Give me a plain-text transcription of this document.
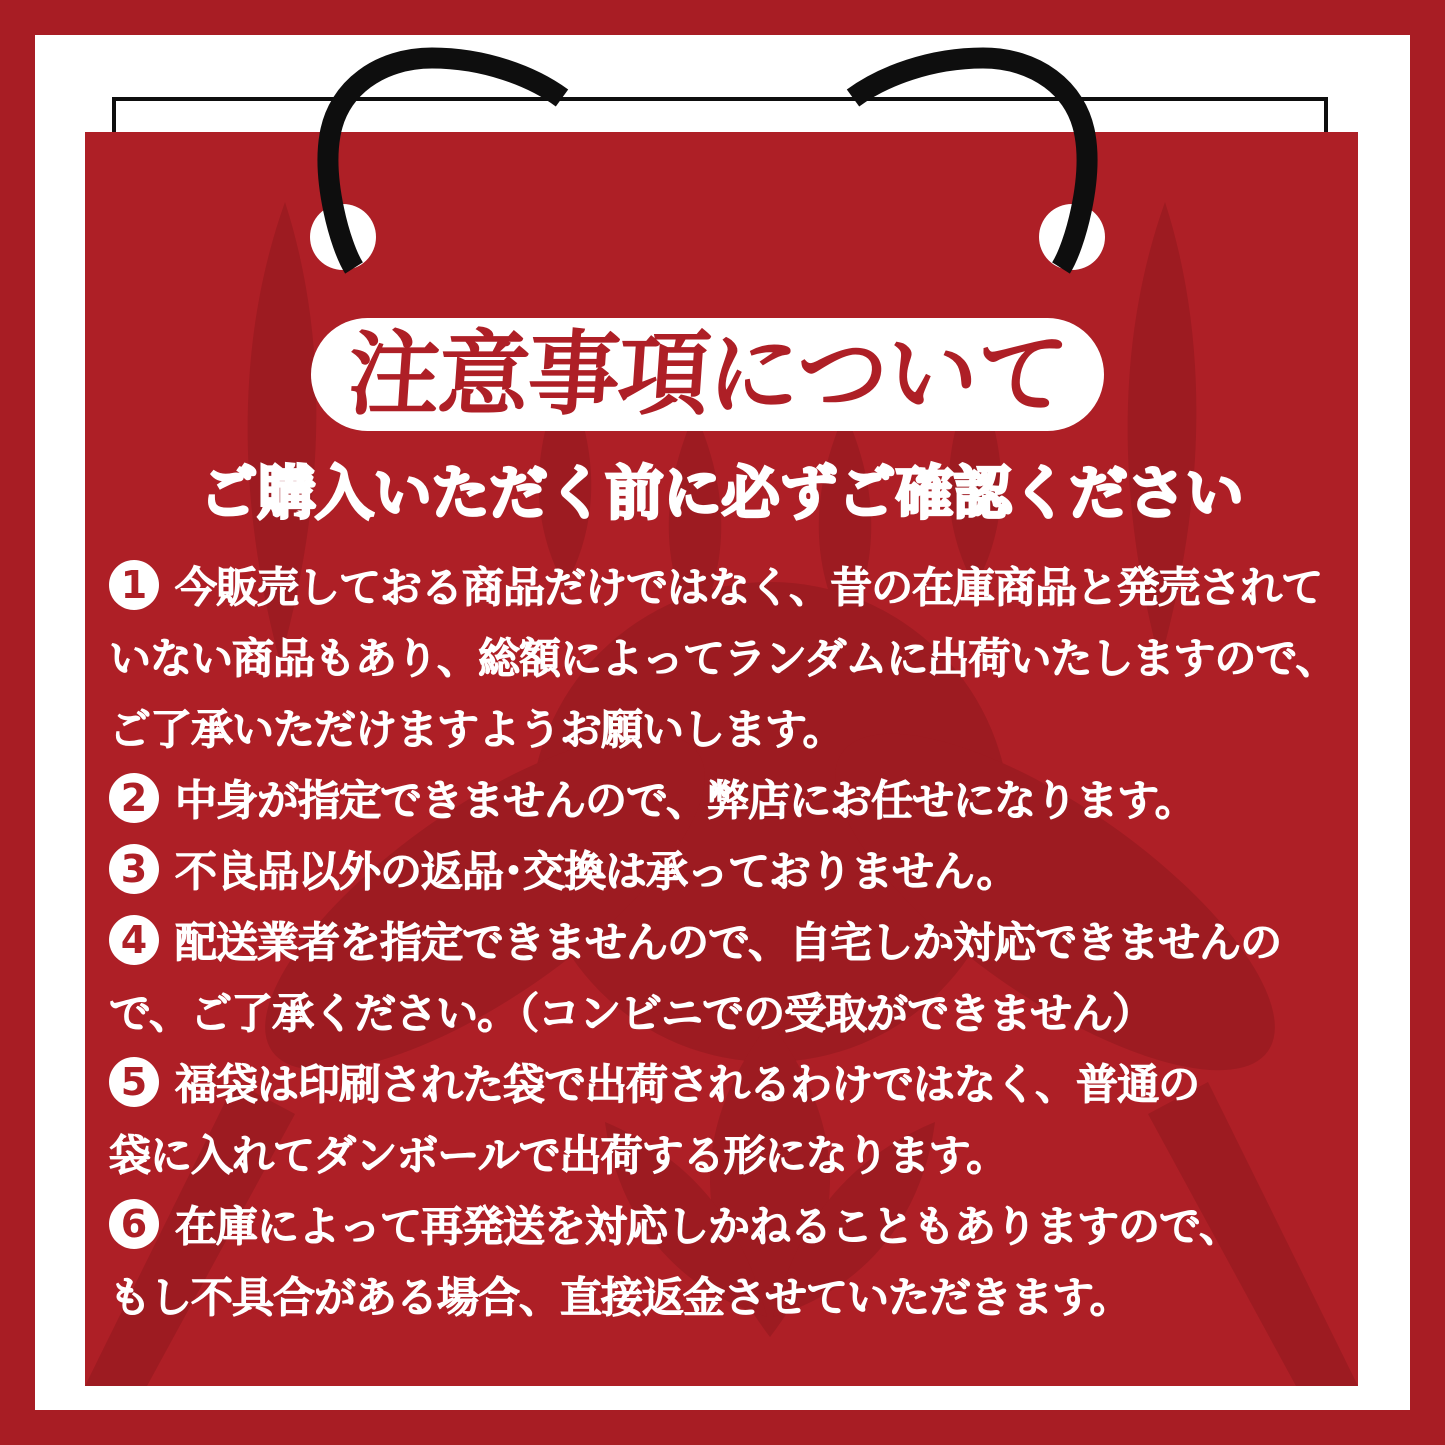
注意事項について
ご購入いただく前に必ずご確認ください
1 今販売しておる商品だけではなく、昔の在庫商品と発売されて
いない商品もあり、総額によってランダムに出荷いたしますので、
ご了承いただけますようお願いします。
2 中身が指定できませんので、弊店にお任せになります。
3 不良品以外の返品･交換は承っておりません。
4 配送業者を指定できませんので、自宅しか対応できませんの
で、ご了承ください。（コンビニでの受取ができません）
5 福袋は印刷された袋で出荷されるわけではなく、普通の
袋に入れてダンボールで出荷する形になります。
6 在庫によって再発送を対応しかねることもありますので、
もし不具合がある場合、直接返金させていただきます。
